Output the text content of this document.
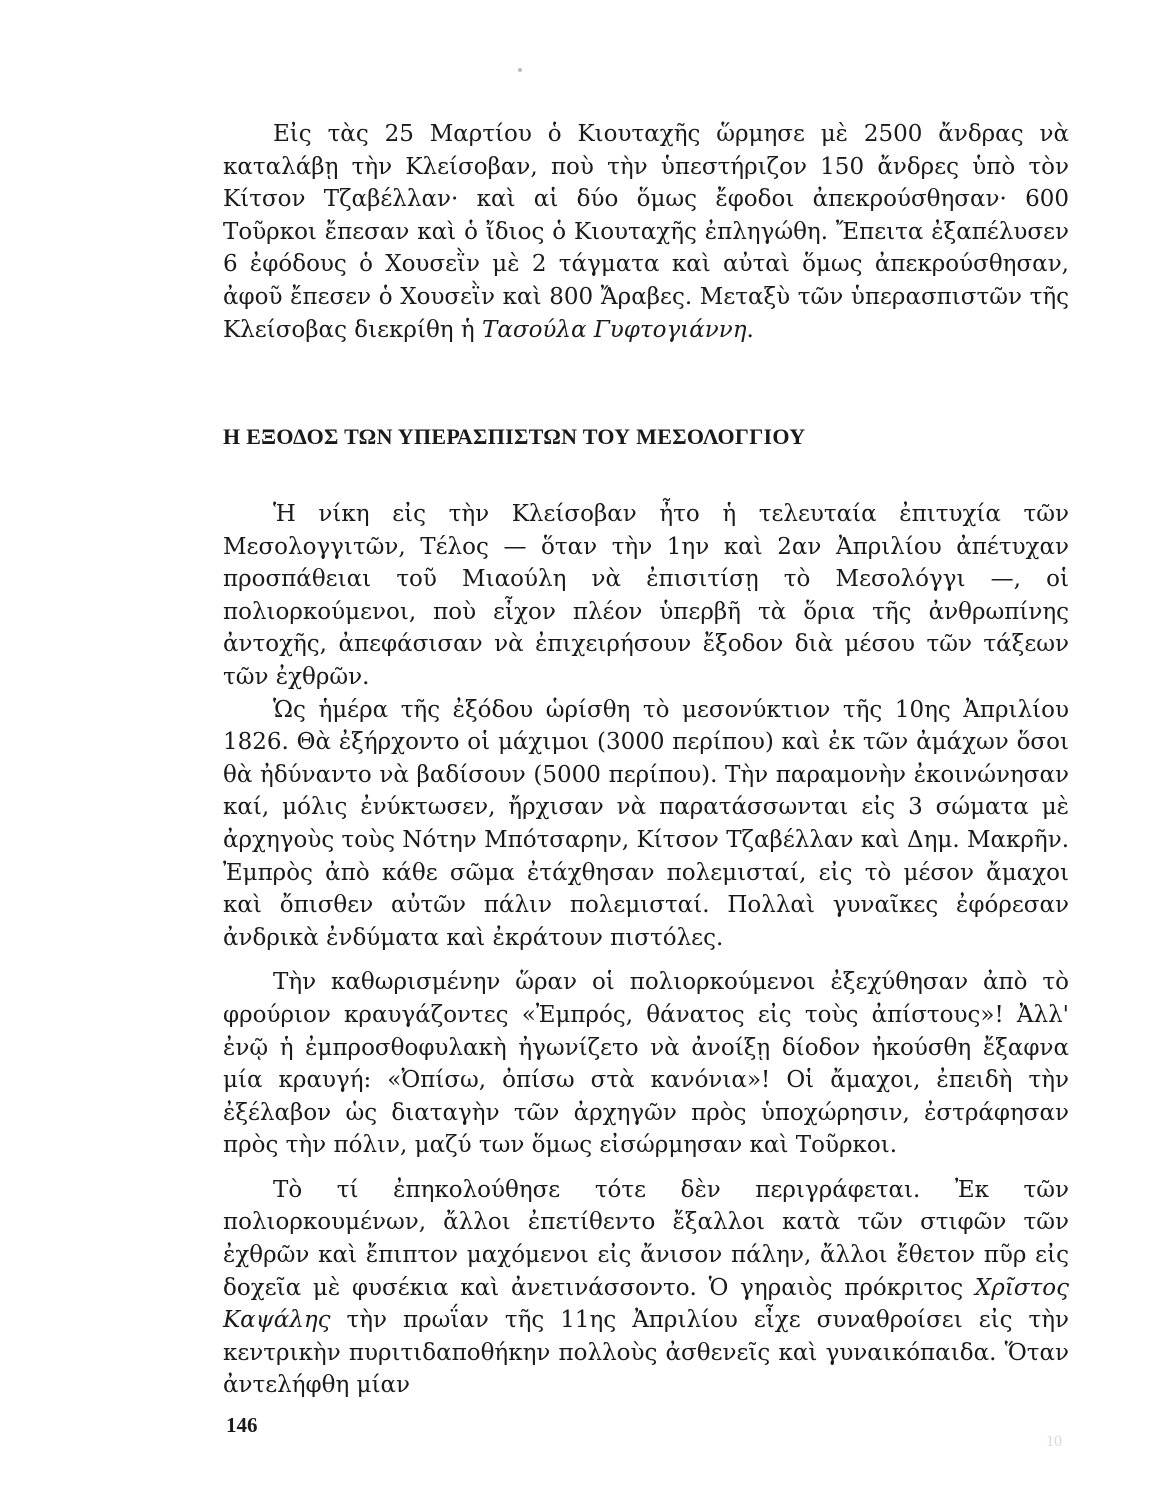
Εἰς τὰς 25 Μαρτίου ὁ Κιουταχῆς ὥρμησε μὲ 2500 ἄνδρας νὰ καταλάβῃ τὴν Κλείσοβαν, ποὺ τὴν ὑπεστήριζον 150 ἄνδρες ὑπὸ τὸν Κίτσον Τζαβέλλαν· καὶ αἱ δύο ὅμως ἔφοδοι ἀπεκρούσθησαν· 600 Τοῦρκοι ἔπεσαν καὶ ὁ ἴδιος ὁ Κιουταχῆς ἐπληγώθη. Ἔπειτα ἐξαπέλυσεν 6 ἐφόδους ὁ Χουσεῒν μὲ 2 τάγματα καὶ αὐταὶ ὅμως ἀπεκρούσθησαν, ἀφοῦ ἔπεσεν ὁ Χουσεῒν καὶ 800 Ἄραβες. Μεταξὺ τῶν ὑπερασπιστῶν τῆς Κλείσοβας διεκρίθη ἡ Τασούλα Γυφτογιάννη.

Η ΕΞΟΔΟΣ ΤΩΝ ΥΠΕΡΑΣΠΙΣΤΩΝ ΤΟΥ ΜΕΣΟΛΟΓΓΙΟΥ

Ἡ νίκη εἰς τὴν Κλείσοβαν ἦτο ἡ τελευταία ἐπιτυχία τῶν Μεσολογγιτῶν, Τέλος — ὅταν τὴν 1ην καὶ 2αν Ἀπριλίου ἀπέτυχαν προσπάθειαι τοῦ Μιαούλη νὰ ἐπισιτίσῃ τὸ Μεσολόγγι —, οἱ πολιορκούμενοι, ποὺ εἶχον πλέον ὑπερβῆ τὰ ὅρια τῆς ἀνθρωπίνης ἀντοχῆς, ἀπεφάσισαν νὰ ἐπιχειρήσουν ἔξοδον διὰ μέσου τῶν τάξεων τῶν ἐχθρῶν.

Ὡς ἡμέρα τῆς ἐξόδου ὡρίσθη τὸ μεσονύκτιον τῆς 10ης Ἀπριλίου 1826. Θὰ ἐξήρχοντο οἱ μάχιμοι (3000 περίπου) καὶ ἐκ τῶν ἀμάχων ὅσοι θὰ ἠδύναντο νὰ βαδίσουν (5000 περίπου). Τὴν παραμονὴν ἐκοινώνησαν καί, μόλις ἐνύκτωσεν, ἤρχισαν νὰ παρατάσσωνται εἰς 3 σώματα μὲ ἀρχηγοὺς τοὺς Νότην Μπότσαρην, Κίτσον Τζαβέλλαν καὶ Δημ. Μακρῆν. Ἐμπρὸς ἀπὸ κάθε σῶμα ἐτάχθησαν πολεμισταί, εἰς τὸ μέσον ἄμαχοι καὶ ὄπισθεν αὐτῶν πάλιν πολεμισταί. Πολλαὶ γυναῖκες ἐφόρεσαν ἀνδρικὰ ἐνδύματα καὶ ἐκράτουν πιστόλες.

Τὴν καθωρισμένην ὥραν οἱ πολιορκούμενοι ἐξεχύθησαν ἀπὸ τὸ φρούριον κραυγάζοντες «Ἐμπρός, θάνατος εἰς τοὺς ἀπίστους»! Ἀλλ' ἐνῷ ἡ ἐμπροσθοφυλακὴ ἠγωνίζετο νὰ ἀνοίξῃ δίοδον ἠκούσθη ἔξαφνα μία κραυγή: «Ὀπίσω, ὀπίσω στὰ κανόνια»! Οἱ ἄμαχοι, ἐπειδὴ τὴν ἐξέλαβον ὡς διαταγὴν τῶν ἀρχηγῶν πρὸς ὑποχώρησιν, ἐστράφησαν πρὸς τὴν πόλιν, μαζύ των ὅμως εἰσώρμησαν καὶ Τοῦρκοι.

Τὸ τί ἐπηκολούθησε τότε δὲν περιγράφεται. Ἐκ τῶν πολιορκουμένων, ἄλλοι ἐπετίθεντο ἔξαλλοι κατὰ τῶν στιφῶν τῶν ἐχθρῶν καὶ ἔπιπτον μαχόμενοι εἰς ἄνισον πάλην, ἄλλοι ἔθετον πῦρ εἰς δοχεῖα μὲ φυσέκια καὶ ἀνετινάσσοντο. Ὁ γηραιὸς πρόκριτος Χρῖστος Καψάλης τὴν πρωΐαν τῆς 11ης Ἀπριλίου εἶχε συναθροίσει εἰς τὴν κεντρικὴν πυριτιδαποθήκην πολλοὺς ἀσθενεῖς καὶ γυναικόπαιδα. Ὅταν ἀντελήφθη μίαν

146
10
